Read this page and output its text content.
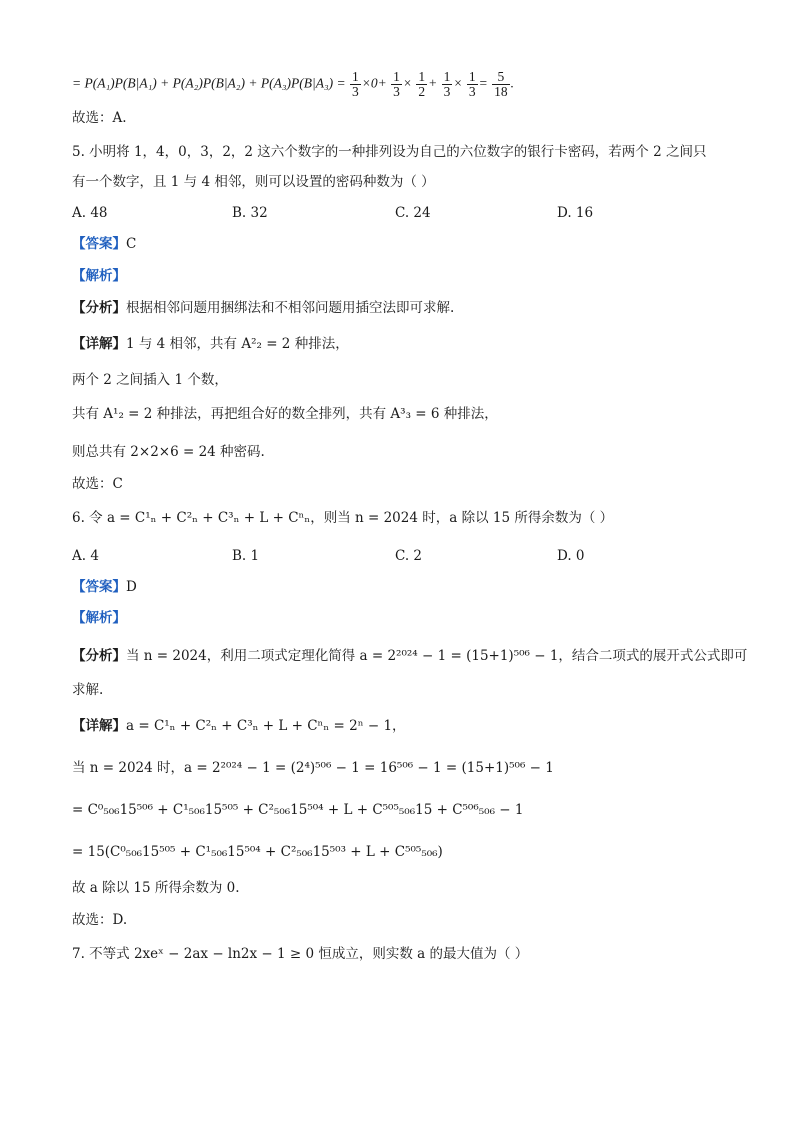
= $P(A_1)P(B|A_1) + P(A_2)P(B|A_2) + P(A_3)P(B|A_3) = \frac{1}{3} \times 0+ \frac{1}{3} \times \frac{1}{2} + \frac{1}{3} \times \frac{1}{3} = \frac{5}{18}$ .
故选：A.
5. 小明将 1，4，0，3，2，2 这六个数字的一种排列设为自己的六位数字的银行卡密码，若两个 2 之间只
有一个数字，且 1 与 4 相邻，则可以设置的密码种数为（ ）
A. 48	B. 32	C. 24	D. 16
【答案】C
【解析】
【分析】根据相邻问题用捆绑法和不相邻问题用插空法即可求解.
【详解】1 与 4 相邻，共有 A²₂ = 2 种排法，
两个 2 之间插入 1 个数，
共有 A¹₂ = 2 种排法，再把组合好的数全排列，共有 A³₃ = 6 种排法，
则总共有 2×2×6 = 24 种密码.
故选：C
6. 令 a = C¹ₙ + C²ₙ + C³ₙ + L + Cⁿₙ，则当 n = 2024 时，a 除以 15 所得余数为（ ）
A. 4	B. 1	C. 2	D. 0
【答案】D
【解析】
【分析】当 n = 2024，利用二项式定理化简得 a = 2²⁰²⁴ − 1 = (15+1)⁵⁰⁶ − 1，结合二项式的展开式公式即可
求解.
【详解】a = C¹ₙ + C²ₙ + C³ₙ + L + Cⁿₙ = 2ⁿ − 1，
当 n = 2024 时，a = 2²⁰²⁴ − 1 = (2⁴)⁵⁰⁶ − 1 = 16⁵⁰⁶ − 1 = (15+1)⁵⁰⁶ − 1
= C⁰₅₀₆15⁵⁰⁶ + C¹₅₀₆15⁵⁰⁵ + C²₅₀₆15⁵⁰⁴ + L + C⁵⁰⁵₅₀₆15 + C⁵⁰⁶₅₀₆ − 1
= 15(C⁰₅₀₆15⁵⁰⁵ + C¹₅₀₆15⁵⁰⁴ + C²₅₀₆15⁵⁰³ + L + C⁵⁰⁵₅₀₆)
故 a 除以 15 所得余数为 0.
故选：D.
7. 不等式 2xeˣ − 2ax − ln2x − 1 ≥ 0 恒成立，则实数 a 的最大值为（ ）
